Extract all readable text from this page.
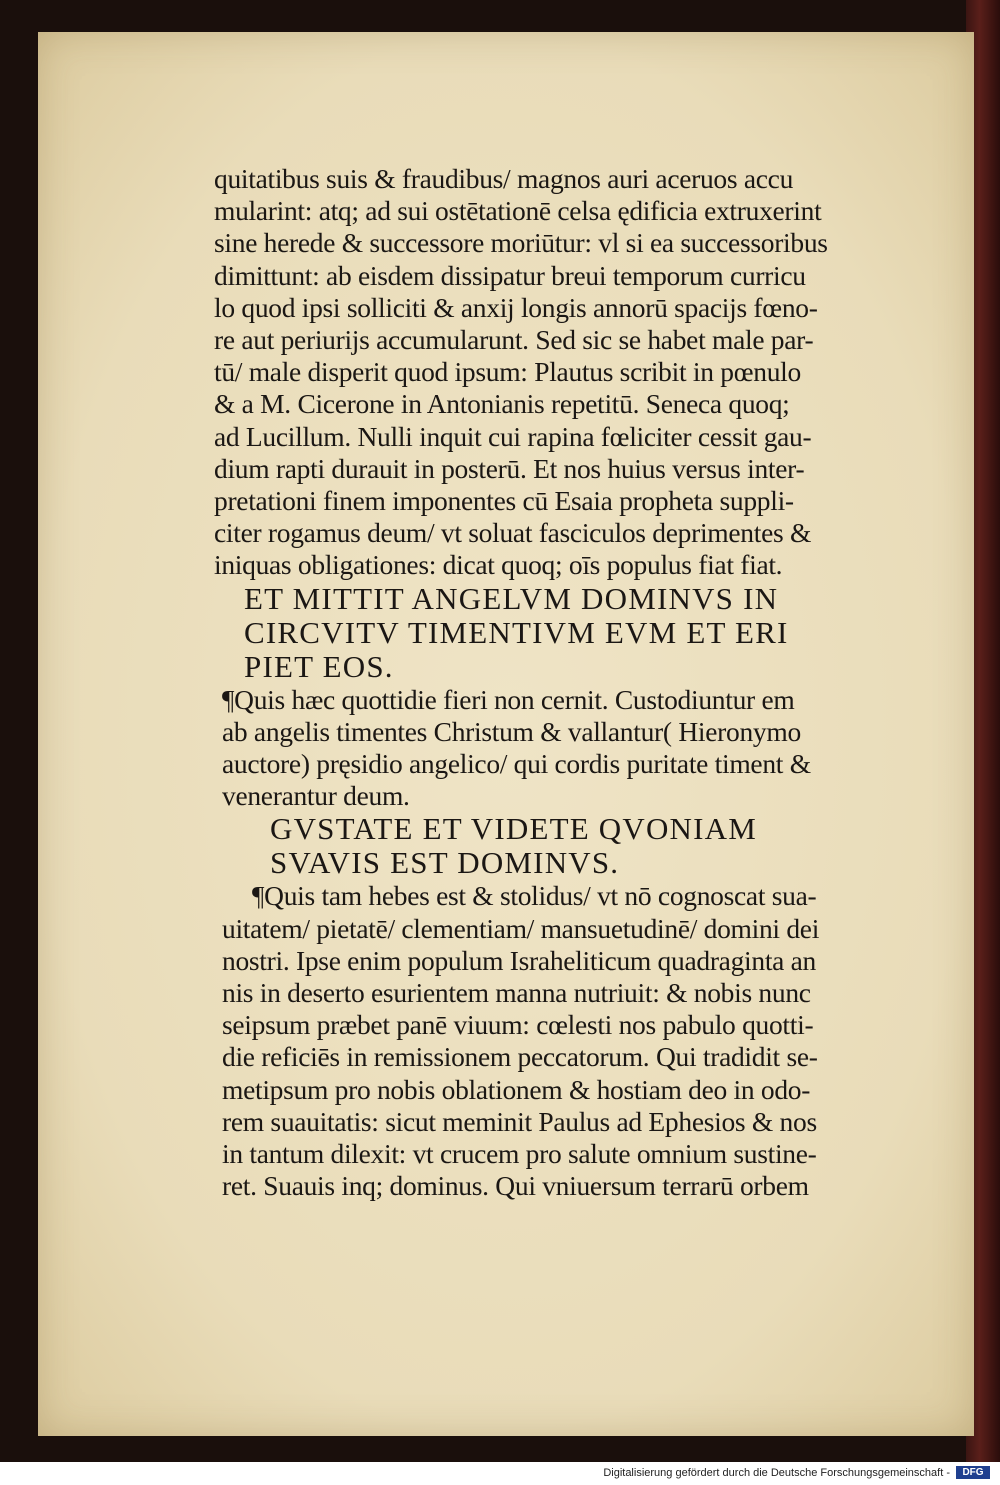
quitatibus suis & fraudibus/ magnos auri aceruos accu
mularint: atq; ad sui ostētationē celsa ędificia extruxerint
sine herede & successore moriūtur: vl si ea successoribus
dimittunt: ab eisdem dissipatur breui temporum curricu
lo quod ipsi solliciti & anxij longis annorū spacijs fœno-
re aut periurijs accumularunt. Sed sic se habet male par-
tū/ male disperit quod ipsum: Plautus scribit in pœnulo
& a M. Cicerone in Antonianis repetitū. Seneca quoq;
ad Lucillum. Nulli inquit cui rapina fœliciter cessit gau-
dium rapti durauit in posterū. Et nos huius versus inter-
pretationi finem imponentes cū Esaia propheta suppli-
citer rogamus deum/ vt soluat fasciculos deprimentes &
iniquas obligationes: dicat quoq; oīs populus fiat fiat.
ET MITTIT ANGELVM DOMINVS IN
CIRCVITV TIMENTIVM EVM ET ERI
PIET EOS.
¶Quis hæc quottidie fieri non cernit. Custodiuntur em
ab angelis timentes Christum & vallantur( Hieronymo
auctore) pręsidio angelico/ qui cordis puritate timent &
venerantur deum.
GVSTATE ET VIDETE QVONIAM
SVAVIS EST DOMINVS.
¶Quis tam hebes est & stolidus/ vt nō cognoscat sua-
uitatem/ pietatē/ clementiam/ mansuetudinē/ domini dei
nostri. Ipse enim populum Israheliticum quadraginta an
nis in deserto esurientem manna nutriuit: & nobis nunc
seipsum præbet panē viuum: cœlesti nos pabulo quotti-
die reficiēs in remissionem peccatorum. Qui tradidit se-
metipsum pro nobis oblationem & hostiam deo in odo-
rem suauitatis: sicut meminit Paulus ad Ephesios & nos
in tantum dilexit: vt crucem pro salute omnium sustine-
ret. Suauis inq; dominus. Qui vniuersum terrarū orbem
Digitalisierung gefördert durch die Deutsche Forschungsgemeinschaft -	DFG
